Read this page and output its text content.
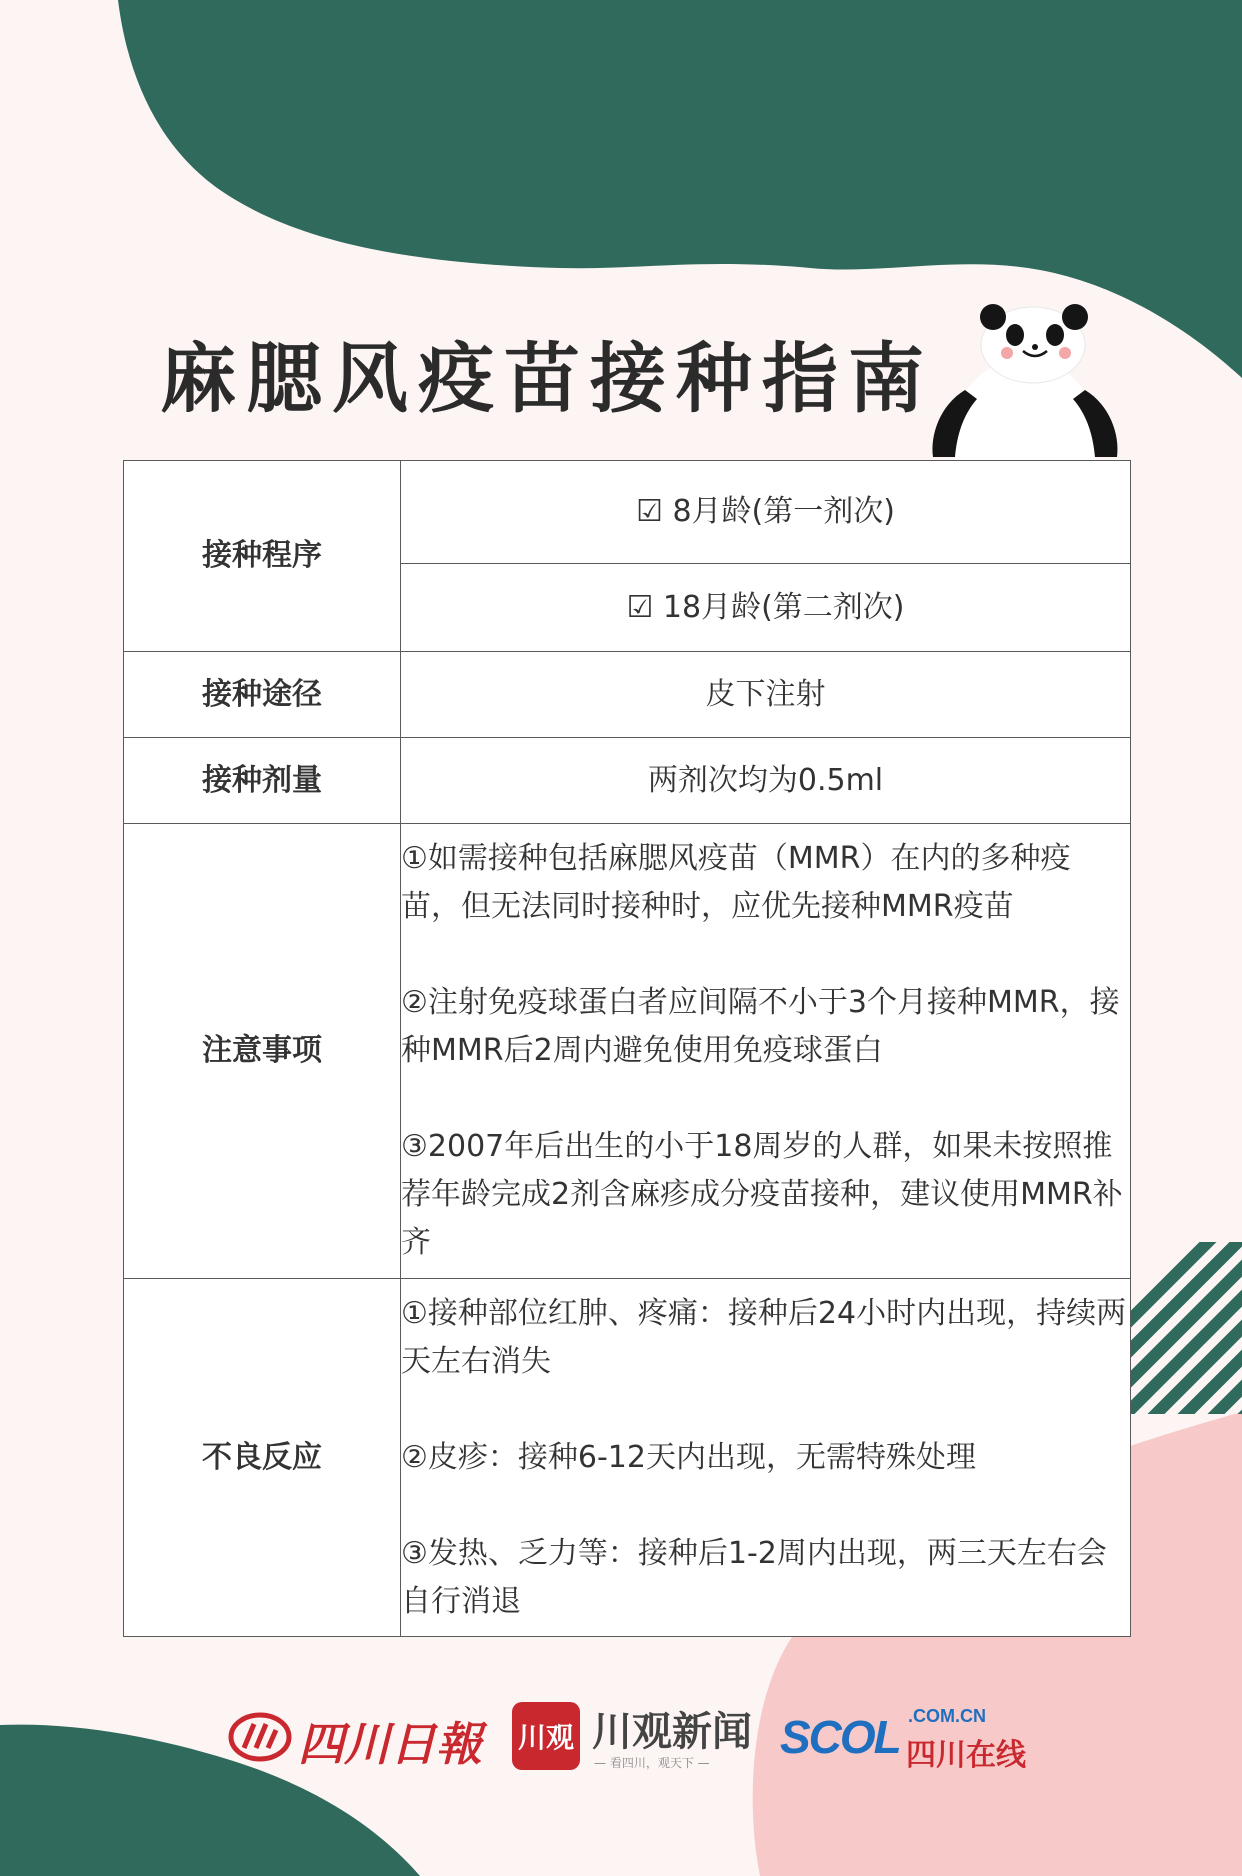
麻腮风疫苗接种指南
接种程序	☑ 8月龄(第一剂次)
	☑ 18月龄(第二剂次)
接种途径	皮下注射
接种剂量	两剂次均为0.5ml
注意事项	①如需接种包括麻腮风疫苗（MMR）在内的多种疫苗，但无法同时接种时，应优先接种MMR疫苗

②注射免疫球蛋白者应间隔不小于3个月接种MMR，接种MMR后2周内避免使用免疫球蛋白

③2007年后出生的小于18周岁的人群，如果未按照推荐年龄完成2剂含麻疹成分疫苗接种，建议使用MMR补齐

不良反应	①接种部位红肿、疼痛：接种后24小时内出现，持续两天左右消失

②皮疹：接种6-12天内出现，无需特殊处理

③发热、乏力等：接种后1-2周内出现，两三天左右会自行消退

四川日報 川观 川观新闻
— 看四川，观天下 — SCOL .COM.CN
四川在线
